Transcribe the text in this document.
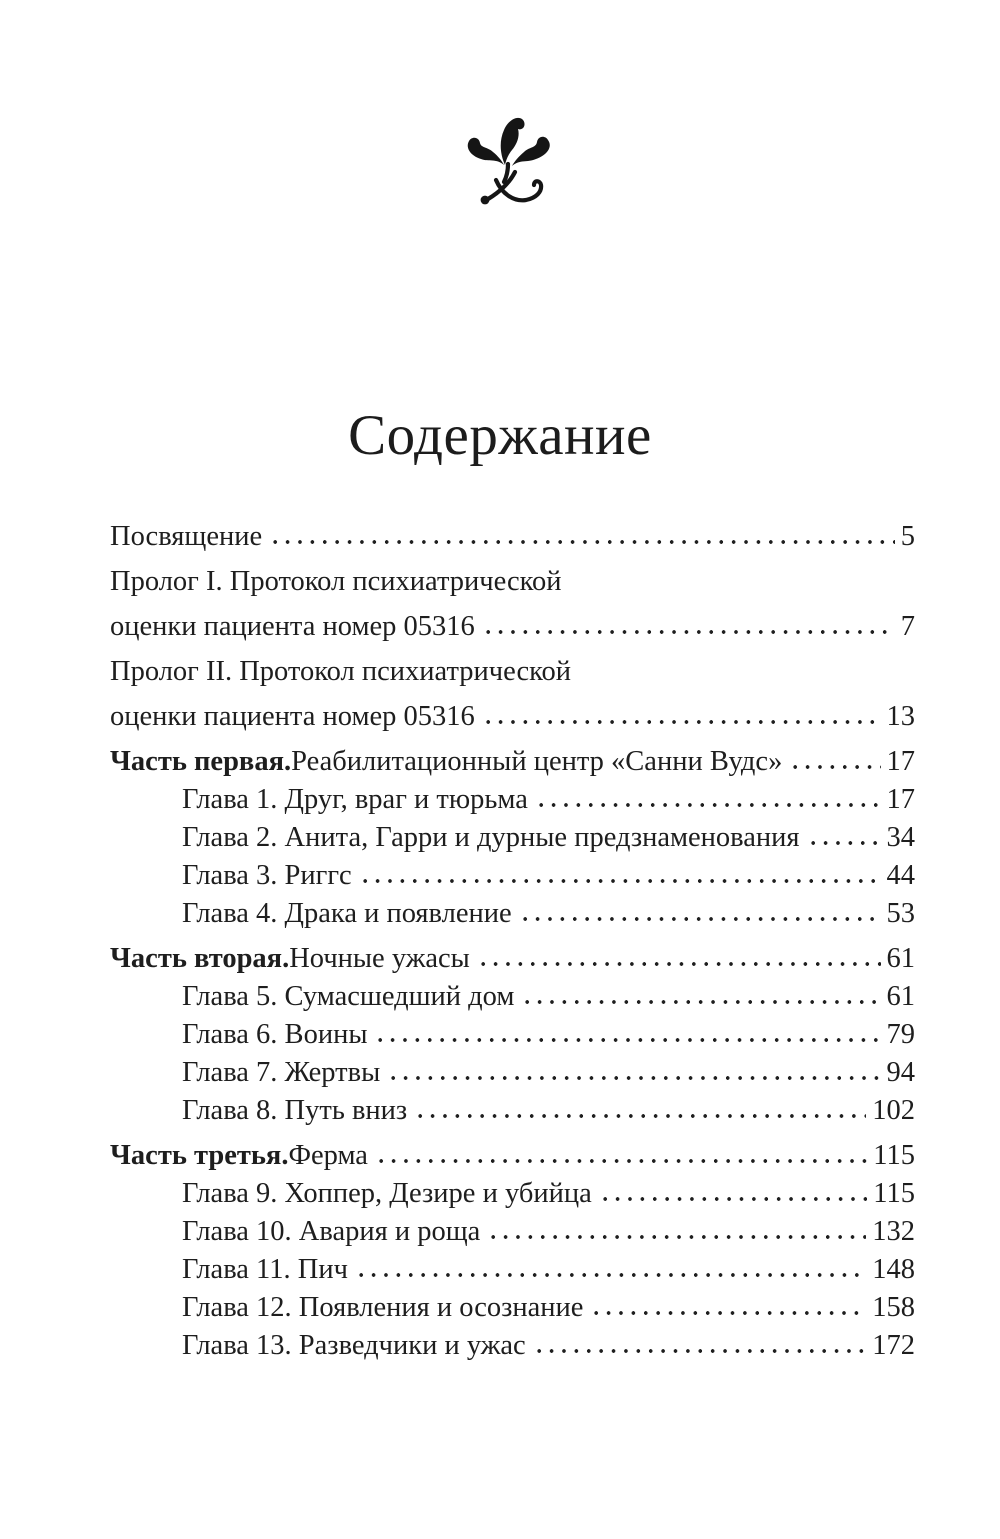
Содержание
Посвящение	5
Пролог I. Протокол психиатрической
оценки пациента номер 05316	7
Пролог II. Протокол психиатрической
оценки пациента номер 05316	13
Часть первая. Реабилитационный центр «Санни Вудс»	17
Глава 1. Друг, враг и тюрьма	17
Глава 2. Анита, Гарри и дурные предзнаменования	34
Глава 3. Риггс	44
Глава 4. Драка и появление	53
Часть вторая. Ночные ужасы	61
Глава 5. Сумасшедший дом	61
Глава 6. Воины	79
Глава 7. Жертвы	94
Глава 8. Путь вниз	102
Часть третья. Ферма	115
Глава 9. Хоппер, Дезире и убийца	115
Глава 10. Авария и роща	132
Глава 11. Пич	148
Глава 12. Появления и осознание	158
Глава 13. Разведчики и ужас	172
